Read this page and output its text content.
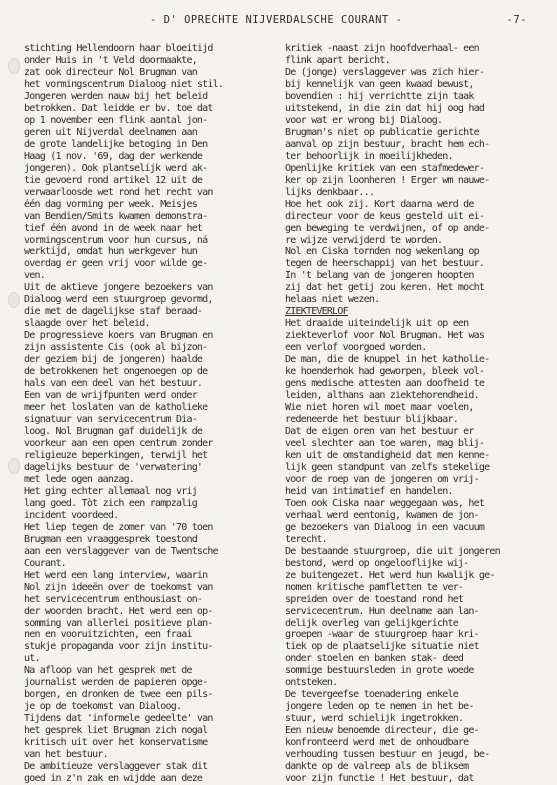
- D' OPRECHTE NIJVERDALSCHE COURANT -	-7-
stichting Hellendoorn haar bloeitijd
onder Huis in 't Veld doormaakte,
zat ook directeur Nol Brugman van
het vormingscentrum Dialoog niet stil.
Jongeren werden nauw bij het beleid
betrokken. Dat leidde er bv. toe dat
op 1 november een flink aantal jon-
geren uit Nijverdal deelnamen aan
de grote landelijke betoging in Den
Haag (1 nov. '69, dag der werkende
jongeren). Ook plantselijk werd ak-
tie gevoerd rond artikel 12 uit de
verwaarloosde wet rond het recht van
één dag vorming per week. Meisjes
van Bendien/Smits kwamen demonstra-
tief één avond in de week naar het
vormingscentrum voor hun cursus, ná
werktijd, omdat hun werkgever hun
overdag er geen vrij voor wilde ge-
ven.
Uit de aktieve jongere bezoekers van
Dialoog werd een stuurgroep gevormd,
die met de dagelijkse staf beraad-
slaagde over het beleid.
De progressieve koers van Brugman en
zijn assistente Cis (ook al bijzon-
der geziem bij de jongeren) haalde
de betrokkenen het ongenoegen op de
hals van een deel van het bestuur.
Een van de wrijfpunten werd onder
meer het loslaten van de katholieke
signatuur van servicecentrum Dia-
loog. Nol Brugman gaf duidelijk de
voorkeur aan een open centrum zonder
religieuze beperkingen, terwijl het
dagelijks bestuur de 'verwatering'
met lede ogen aanzag.
Het ging echter allemaal nog vrij
lang goed. Tòt zich een rampzalig
incident voordeed.
Het liep tegen de zomer van '70 toen
Brugman een vraaggesprek toestond
aan een verslaggever van de Twentsche
Courant.
Het werd een lang interview, waarin
Nol zijn ideeën over de toekomst van
het servicecentrum enthousiast on-
der woorden bracht. Het werd een op-
somming van allerlei positieve plan-
nen en vooruitzichten, een fraai
stukje propaganda voor zijn institu-
ut.
Na afloop van het gesprek met de
journalist werden de papieren opge-
borgen, en dronken de twee een pils-
je op de toekomst van Dialoog.
Tijdens dat 'informele gedeelte' van
het gesprek liet Brugman zich nogal
kritisch uit over het konservatisme
van het bestuur.
De ambitieuze verslaggever stak dit
goed in z'n zak en wijdde aan deze
kritiek -naast zijn hoofdverhaal- een
flink apart bericht.
De (jonge) verslaggever was zich hier-
bij kennelijk van geen kwaad bewust,
bovendien : hij verrichtte zijn taak
uitstekend, in die zin dat hij oog had
voor wat er wrong bij Dialoog.
Brugman's niet op publicatie gerichte
aanval op zijn bestuur, bracht hem ech-
ter behoorlijk in moeilijkheden.
Openlijke kritiek van een stafmedewer-
ker op zijn loonheren ! Erger wm nauwe-
lijks denkbaar...
Hoe het ook zij. Kort daarna werd de
directeur voor de keus gesteld uit ei-
gen beweging te verdwijnen, of op ande-
re wijze verwijderd te worden.
Nol en Ciska tornden nog wekenlang op
tegen de heerschappij van het bestuur.
In 't belang van de jongeren hoopten
zij dat het getij zou keren. Het mocht
helaas niet wezen.
ZIEKTEVERLOF
Het draaide uiteindelijk uit op een
ziekteverlof voor Nol Brugman. Het was
een verlof voorgoed worden.
De man, die de knuppel in het katholie-
ke hoenderhok had geworpen, bleek vol-
gens medische attesten aan doofheid te
leiden, althans aan ziektehorendheid.
Wie niet horen wil moet maar voelen,
redeneerde het bestuur blijkbaar.
Dat de eigen oren van het bestuur er
veel slechter aan toe waren, mag blij-
ken uit de omstandigheid dat men kenne-
lijk geen standpunt van zelfs stekelige
voor de roep van de jongeren om vrij-
heid van intimatief en handelen.
Toen ook Ciska naar weggegaan was, het
verhaal werd eentonig, kwamen de jon-
ge bezoekers van Dialoog in een vacuum
terecht.
De bestaande stuurgroep, die uit jongeren
bestond, werd op ongelooflijke wij-
ze buitengezet. Het werd hun kwalijk ge-
nomen kritische pamfletten te ver-
spreiden over de toestand rond het
servicecentrum. Hun deelname aan lan-
delijk overleg van gelijkgerichte
groepen -waar de stuurgroep haar kri-
tiek op de plaatselijke situatie niet
onder stoelen en banken stak- deed
sommige bestuursleden in grote woede
ontsteken.
De tevergeefse toenadering enkele
jongere leden op te nemen in het be-
stuur, werd schielijk ingetrokken.
Een nieuw benoemde directeur, die ge-
konfronteerd werd met de onhoudbare
verhouding tussen bestuur en jeugd, be-
dankte op de valreep als de bliksem
voor zijn functie ! Het bestuur, dat
